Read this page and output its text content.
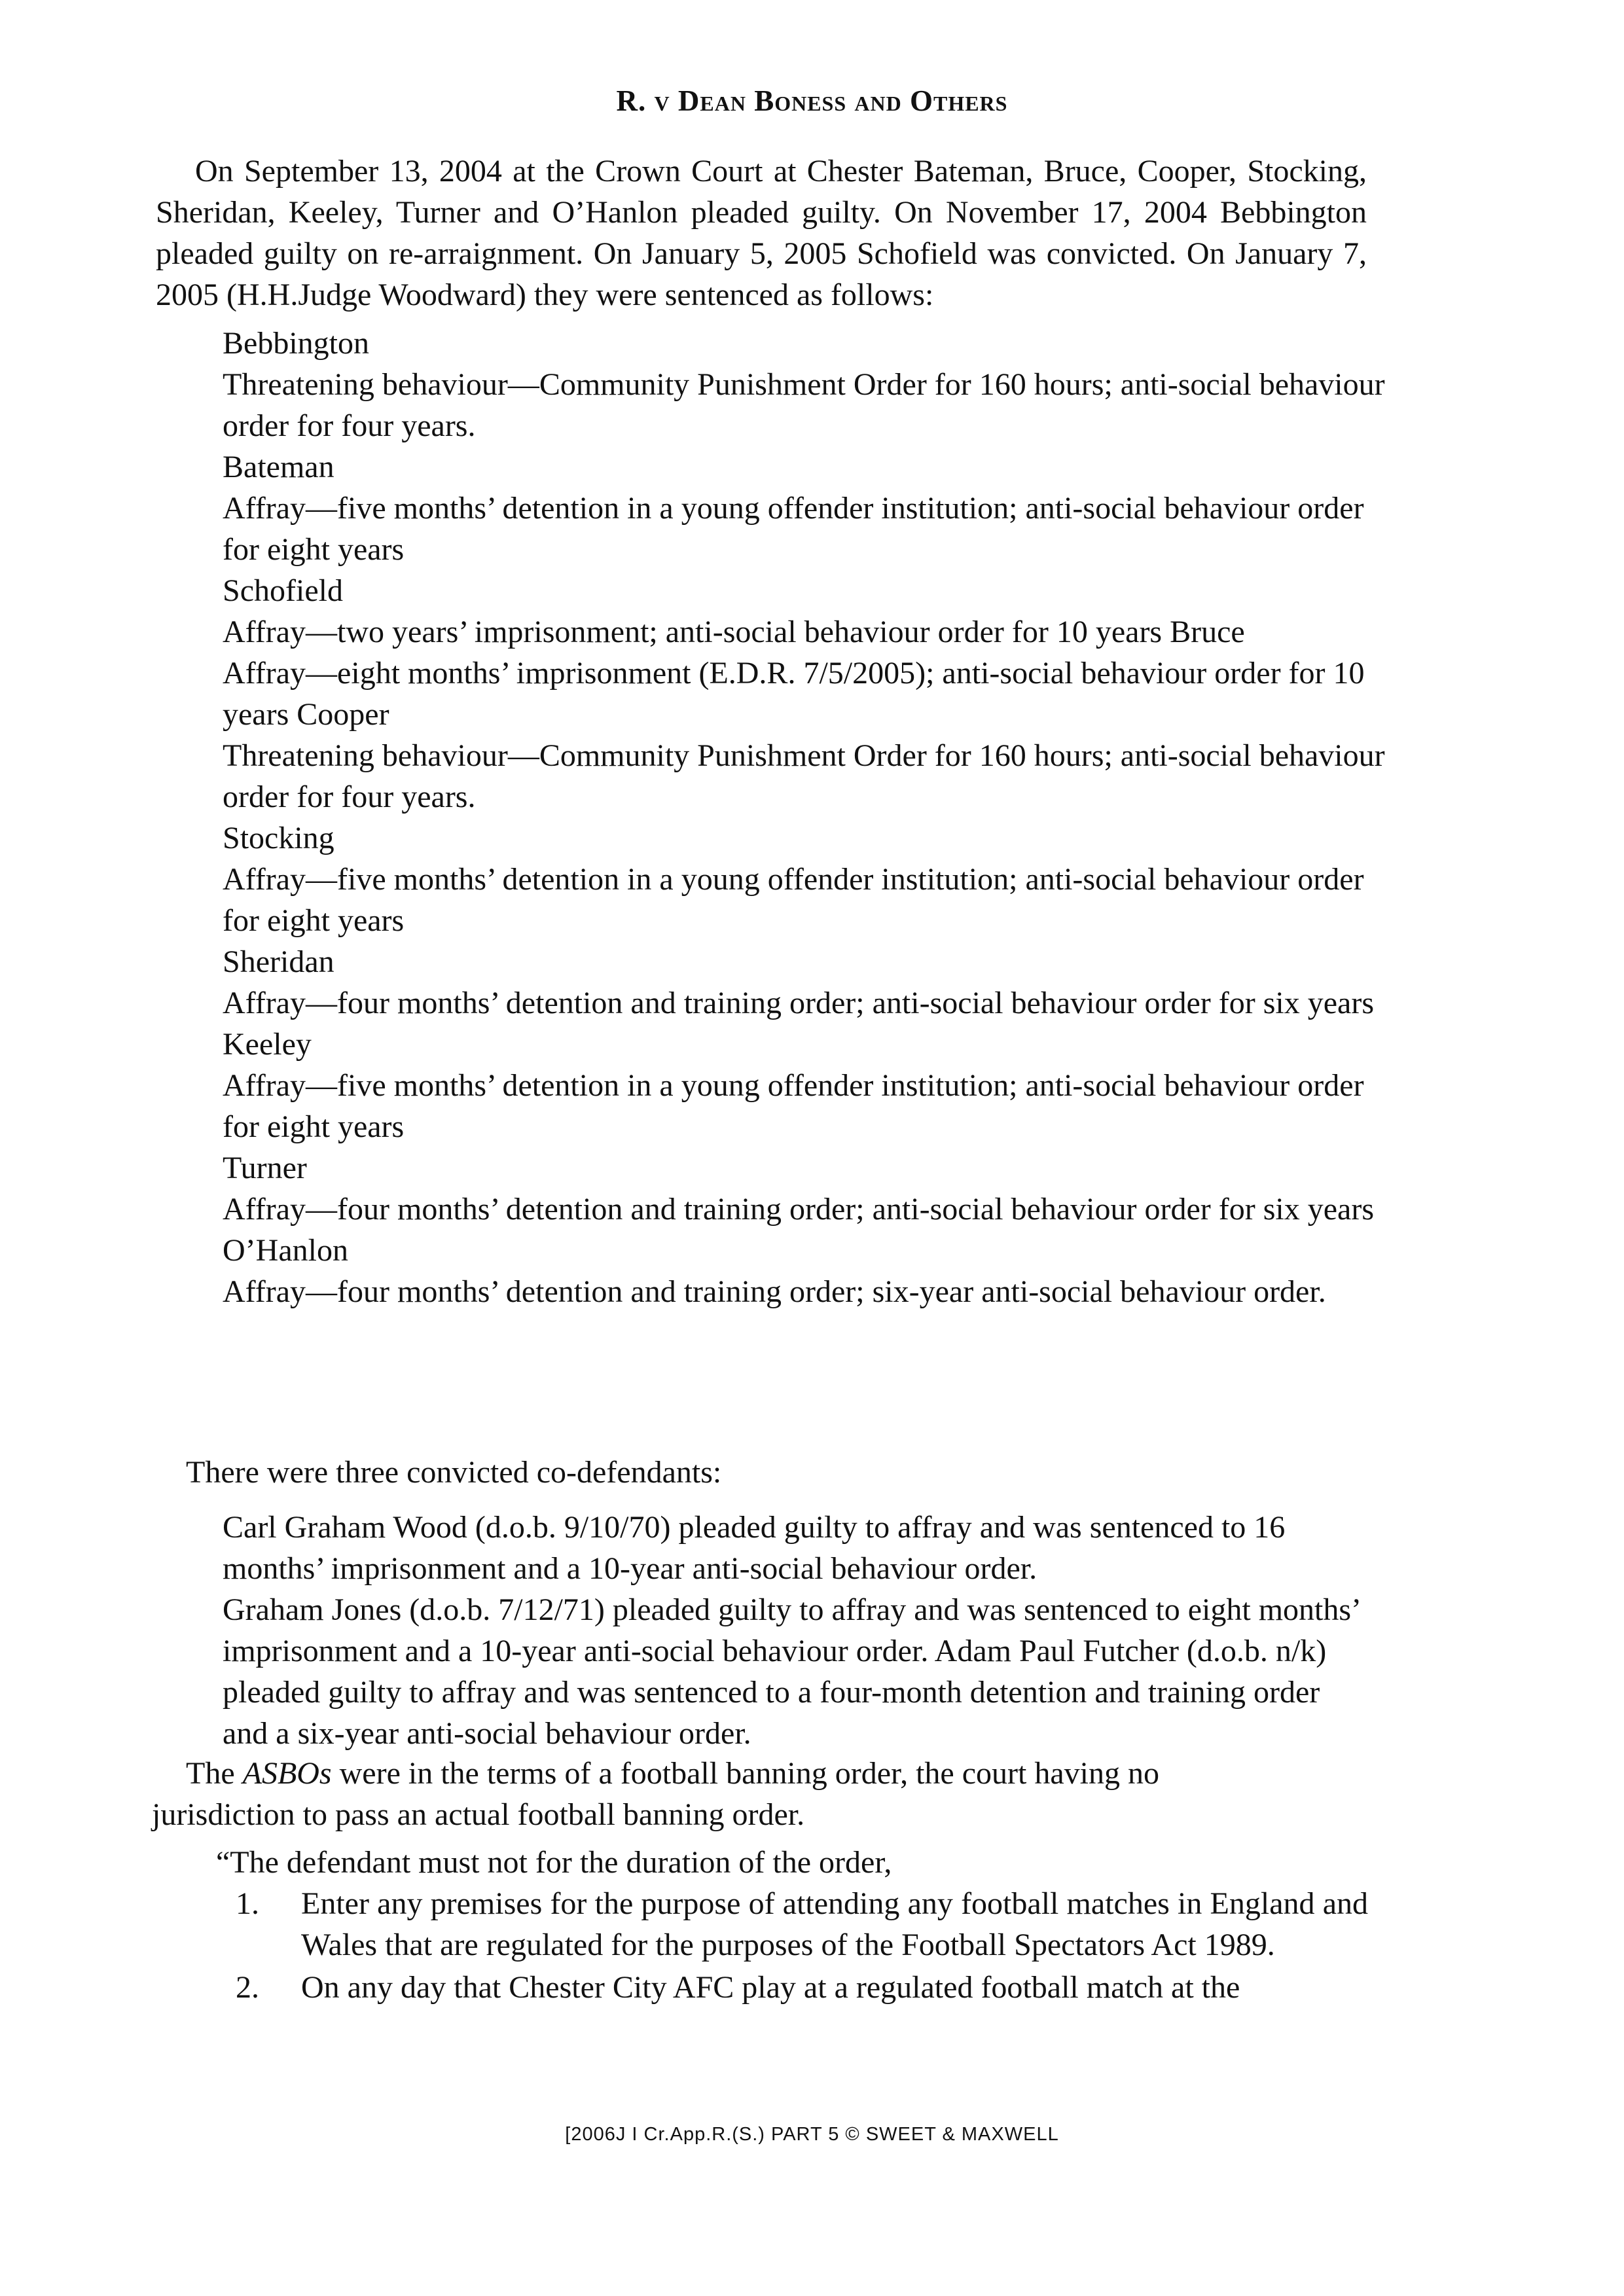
R. v Dean Boness and Others

On September 13, 2004 at the Crown Court at Chester Bateman, Bruce, Cooper, Stocking, Sheridan, Keeley, Turner and O’Hanlon pleaded guilty. On November 17, 2004 Bebbington pleaded guilty on re-arraignment. On January 5, 2005 Schofield was convicted. On January 7, 2005 (H.H.Judge Woodward) they were sentenced as follows:

Bebbington
Threatening behaviour—Community Punishment Order for 160 hours; anti-social behaviour order for four years.
Bateman
Affray—five months’ detention in a young offender institution; anti-social behaviour order for eight years
Schofield
Affray—two years’ imprisonment; anti-social behaviour order for 10 years Bruce
Affray—eight months’ imprisonment (E.D.R. 7/5/2005); anti-social behaviour order for 10 years Cooper
Threatening behaviour—Community Punishment Order for 160 hours; anti-social behaviour order for four years.
Stocking
Affray—five months’ detention in a young offender institution; anti-social behaviour order for eight years
Sheridan
Affray—four months’ detention and training order; anti-social behaviour order for six years
Keeley
Affray—five months’ detention in a young offender institution; anti-social behaviour order for eight years
Turner
Affray—four months’ detention and training order; anti-social behaviour order for six years
O’Hanlon
Affray—four months’ detention and training order; six-year anti-social behaviour order.

There were three convicted co-defendants:

Carl Graham Wood (d.o.b. 9/10/70) pleaded guilty to affray and was sentenced to 16 months’ imprisonment and a 10-year anti-social behaviour order.
Graham Jones (d.o.b. 7/12/71) pleaded guilty to affray and was sentenced to eight months’ imprisonment and a 10-year anti-social behaviour order. Adam Paul Futcher (d.o.b. n/k) pleaded guilty to affray and was sentenced to a four-month detention and training order and a six-year anti-social behaviour order.

The ASBOs were in the terms of a football banning order, the court having no jurisdiction to pass an actual football banning order.

“The defendant must not for the duration of the order,

1.	Enter any premises for the purpose of attending any football matches in England and Wales that are regulated for the purposes of the Football Spectators Act 1989.
2.	On any day that Chester City AFC play at a regulated football match at the

[2006J I Cr.App.R.(S.) PART 5 © SWEET & MAXWELL
